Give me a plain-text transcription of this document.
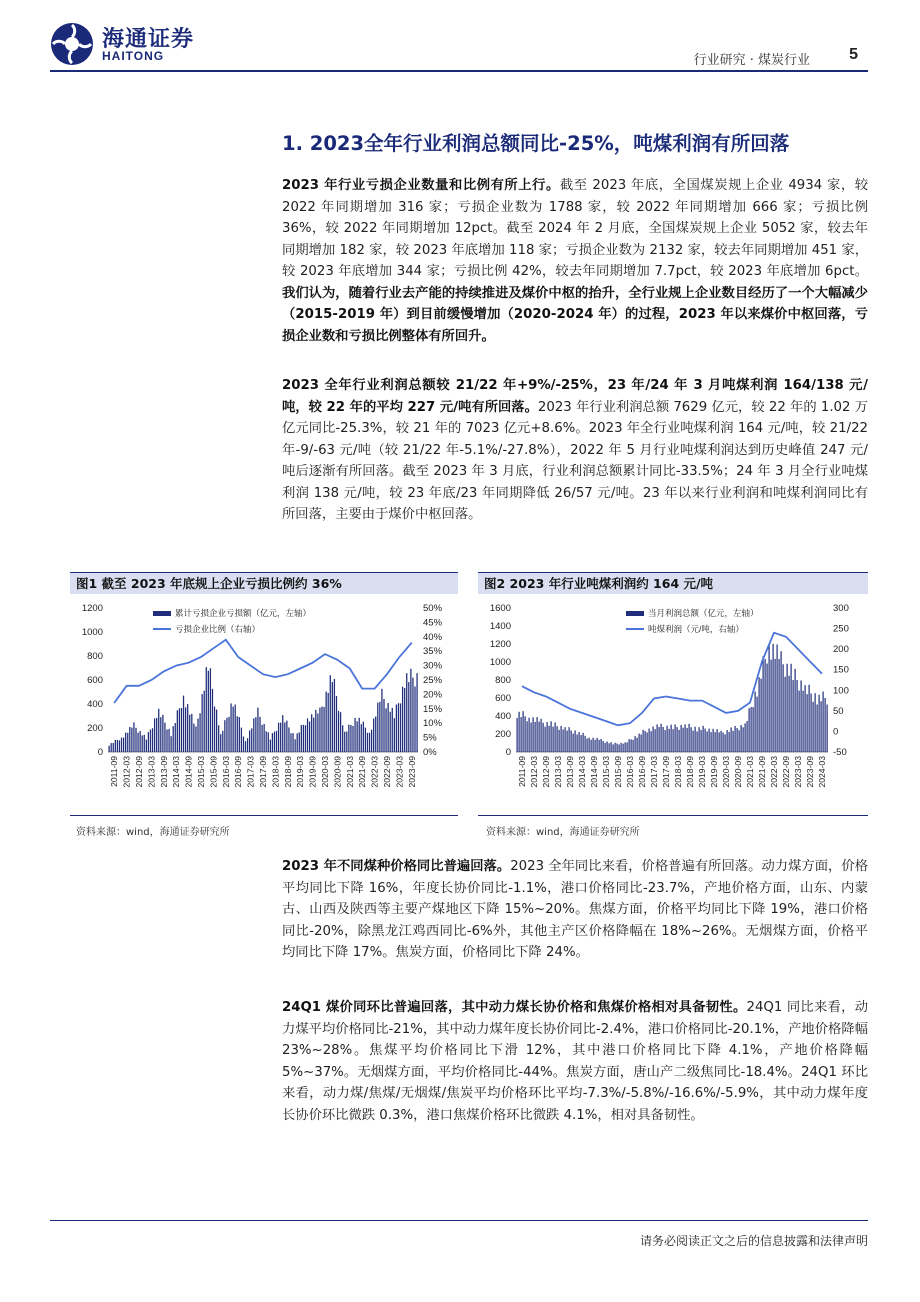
海通证券
HAITONG	行业研究 · 煤炭行业 5
1. 2023全年行业利润总额同比-25%，吨煤利润有所回落
2023 年行业亏损企业数量和比例有所上行。截至 2023 年底，全国煤炭规上企业 4934 家，较 2022 年同期增加 316 家；亏损企业数为 1788 家，较 2022 年同期增加 666 家；亏损比例 36%，较 2022 年同期增加 12pct。截至 2024 年 2 月底，全国煤炭规上企业 5052 家，较去年同期增加 182 家，较 2023 年底增加 118 家；亏损企业数为 2132 家，较去年同期增加 451 家，较 2023 年底增加 344 家；亏损比例 42%，较去年同期增加 7.7pct，较 2023 年底增加 6pct。我们认为，随着行业去产能的持续推进及煤价中枢的抬升，全行业规上企业数目经历了一个大幅减少（2015-2019 年）到目前缓慢增加（2020-2024 年）的过程，2023 年以来煤价中枢回落，亏损企业数和亏损比例整体有所回升。
2023 全年行业利润总额较 21/22 年+9%/-25%，23 年/24 年 3 月吨煤利润 164/138 元/吨，较 22 年的平均 227 元/吨有所回落。2023 年行业利润总额 7629 亿元，较 22 年的 1.02 万亿元同比-25.3%，较 21 年的 7023 亿元+8.6%。2023 年全行业吨煤利润 164 元/吨，较 21/22 年-9/-63 元/吨（较 21/22 年-5.1%/-27.8%），2022 年 5 月行业吨煤利润达到历史峰值 247 元/吨后逐渐有所回落。截至 2023 年 3 月底，行业利润总额累计同比-33.5%；24 年 3 月全行业吨煤利润 138 元/吨，较 23 年底/23 年同期降低 26/57 元/吨。23 年以来行业利润和吨煤利润同比有所回落，主要由于煤价中枢回落。
图1 截至 2023 年底规上企业亏损比例约 36%	图2 2023 年行业吨煤利润约 164 元/吨
0
200
400
600
800
1000
1200
0%
5%
10%
15%
20%
25%
30%
35%
40%
45%
50%
2011-09 2012-03 2012-09 2013-03 2013-09 2014-03 2014-09 2015-03 2015-09 2016-03 2016-09 2017-03 2017-09 2018-03 2018-09 2019-03 2019-09 2020-03 2020-09 2021-03 2021-09 2022-03 2022-09 2023-03 2023-09
累计亏损企业亏损额（亿元，左轴）
亏损企业比例（右轴）
0
200
400
600
800
1000
1200
1400
1600
-50
0
50
100
150
200
250
300
2011-09 2012-03 2012-09 2013-03 2013-09 2014-03 2014-09 2015-03 2015-09 2016-03 2016-09 2017-03 2017-09 2018-03 2018-09 2019-03 2019-09 2020-03 2020-09 2021-03 2021-09 2022-03 2022-09 2023-03 2023-09 2024-03
当月利润总额（亿元，左轴）
吨煤利润（元/吨，右轴）
资料来源：wind，海通证券研究所	资料来源：wind，海通证券研究所
2023 年不同煤种价格同比普遍回落。2023 全年同比来看，价格普遍有所回落。动力煤方面，价格平均同比下降 16%，年度长协价同比-1.1%，港口价格同比-23.7%，产地价格方面，山东、内蒙古、山西及陕西等主要产煤地区下降 15%~20%。焦煤方面，价格平均同比下降 19%，港口价格同比-20%，除黑龙江鸡西同比-6%外，其他主产区价格降幅在 18%~26%。无烟煤方面，价格平均同比下降 17%。焦炭方面，价格同比下降 24%。
24Q1 煤价同环比普遍回落，其中动力煤长协价格和焦煤价格相对具备韧性。24Q1 同比来看，动力煤平均价格同比-21%，其中动力煤年度长协价同比-2.4%，港口价格同比-20.1%，产地价格降幅 23%~28%。焦煤平均价格同比下滑 12%，其中港口价格同比下降 4.1%，产地价格降幅 5%~37%。无烟煤方面，平均价格同比-44%。焦炭方面，唐山产二级焦同比-18.4%。24Q1 环比来看，动力煤/焦煤/无烟煤/焦炭平均价格环比平均-7.3%/-5.8%/-16.6%/-5.9%，其中动力煤年度长协价环比微跌 0.3%，港口焦煤价格环比微跌 4.1%，相对具备韧性。
请务必阅读正文之后的信息披露和法律声明
